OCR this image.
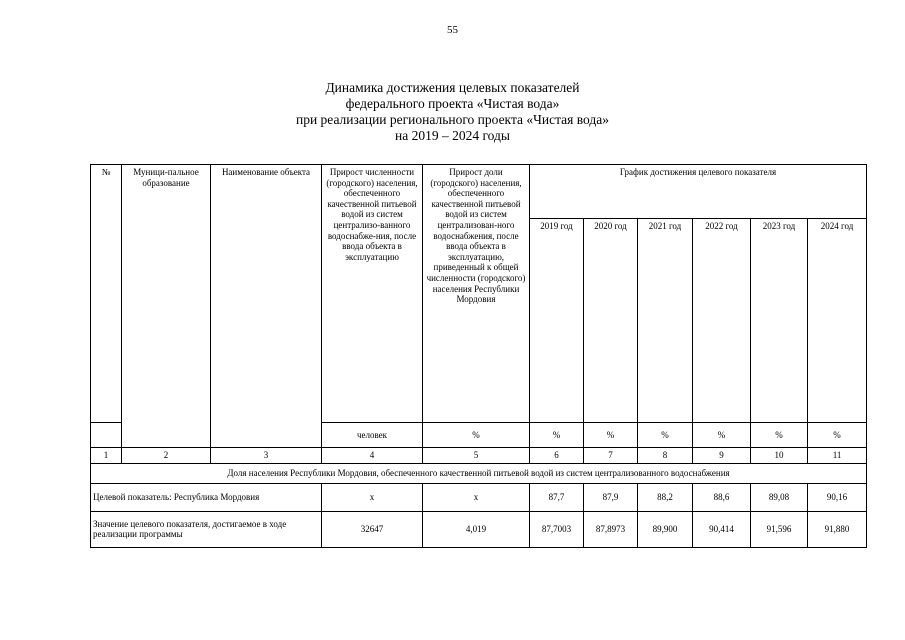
55
Динамика достижения целевых показателей
федерального проекта «Чистая вода»
при реализации регионального проекта «Чистая вода»
на 2019 – 2024 годы
№	Муници-пальное образование	Наименование объекта	Прирост численности (городского) населения, обеспеченного качественной питьевой водой из систем централизо-ванного водоснабже-ния, после ввода объекта в эксплуатацию	Прирост доли (городского) населения, обеспеченного качественной питьевой водой из систем централизован-ного водоснабжения, после ввода объекта в эксплуатацию, приведенный к общей численности (городского) населения Республики Мордовия	График достижения целевого показателя					
					2019 год	2020 год	2021 год	2022 год	2023 год	2024 год
			человек	%	%	%	%	%	%	%
1	2	3	4	5	6	7	8	9	10	11
Доля населения Республики Мордовия, обеспеченного качественной питьевой водой из систем централизованного водоснабжения										
Целевой показатель: Республика Мордовия			x	x	87,7	87,9	88,2	88,6	89,08	90,16
Значение целевого показателя, достигаемое в ходе реализации программы			32647	4,019	87,7003	87,8973	89,900	90,414	91,596	91,880
